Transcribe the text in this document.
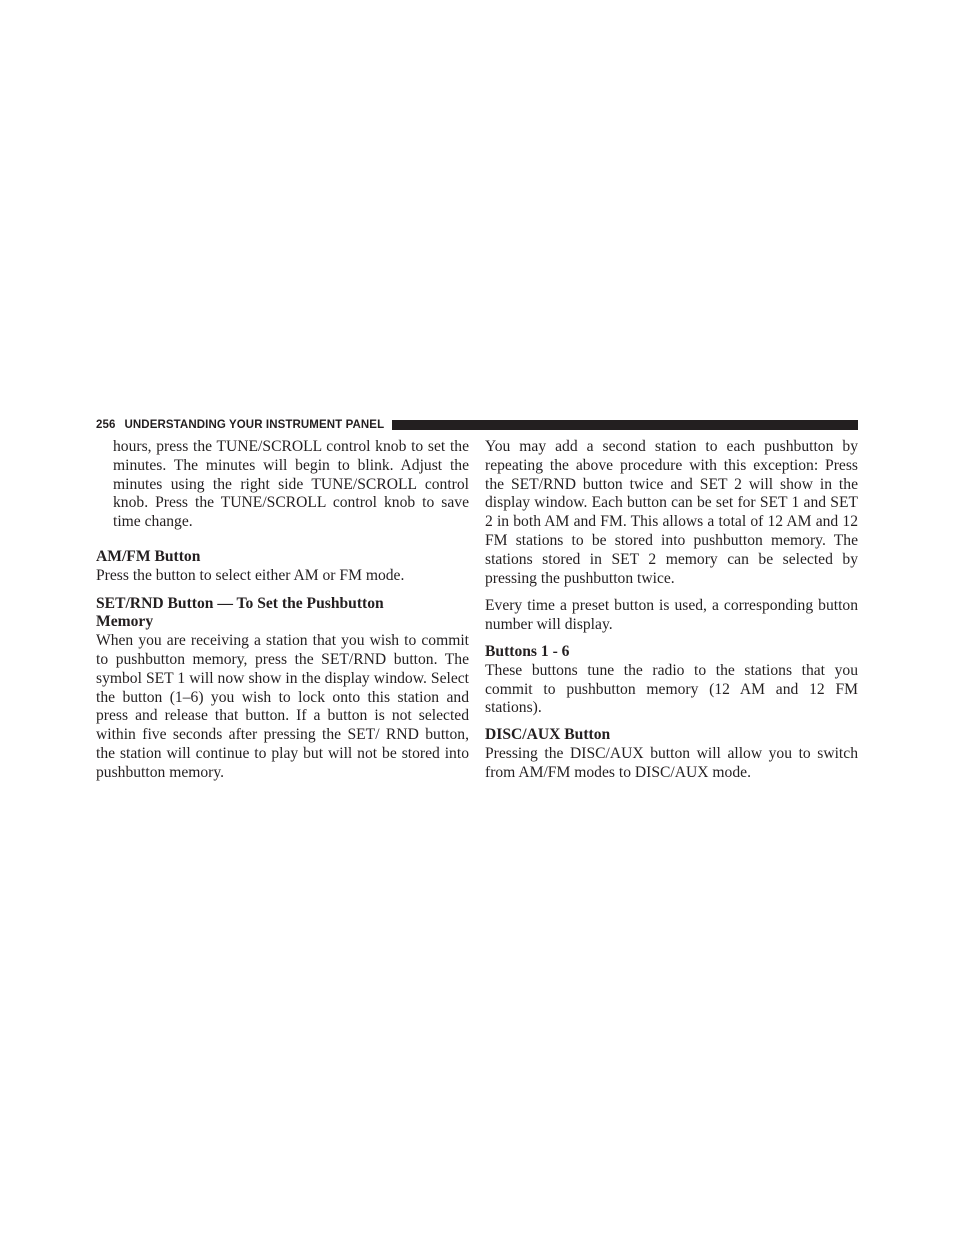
256 UNDERSTANDING YOUR INSTRUMENT PANEL

hours, press the TUNE/SCROLL control knob to set the minutes. The minutes will begin to blink. Adjust the minutes using the right side TUNE/SCROLL control knob. Press the TUNE/SCROLL control knob to save time change.

AM/FM Button

Press the button to select either AM or FM mode.

SET/RND Button — To Set the Pushbutton Memory

When you are receiving a station that you wish to commit to pushbutton memory, press the SET/RND button. The symbol SET 1 will now show in the display window. Select the button (1–6) you wish to lock onto this station and press and release that button. If a button is not selected within five seconds after pressing the SET/ RND button, the station will continue to play but will not be stored into pushbutton memory.

You may add a second station to each pushbutton by repeating the above procedure with this exception: Press the SET/RND button twice and SET 2 will show in the display window. Each button can be set for SET 1 and SET 2 in both AM and FM. This allows a total of 12 AM and 12 FM stations to be stored into pushbutton memory. The stations stored in SET 2 memory can be selected by pressing the pushbutton twice.

Every time a preset button is used, a corresponding button number will display.

Buttons 1 - 6

These buttons tune the radio to the stations that you commit to pushbutton memory (12 AM and 12 FM stations).

DISC/AUX Button

Pressing the DISC/AUX button will allow you to switch from AM/FM modes to DISC/AUX mode.
